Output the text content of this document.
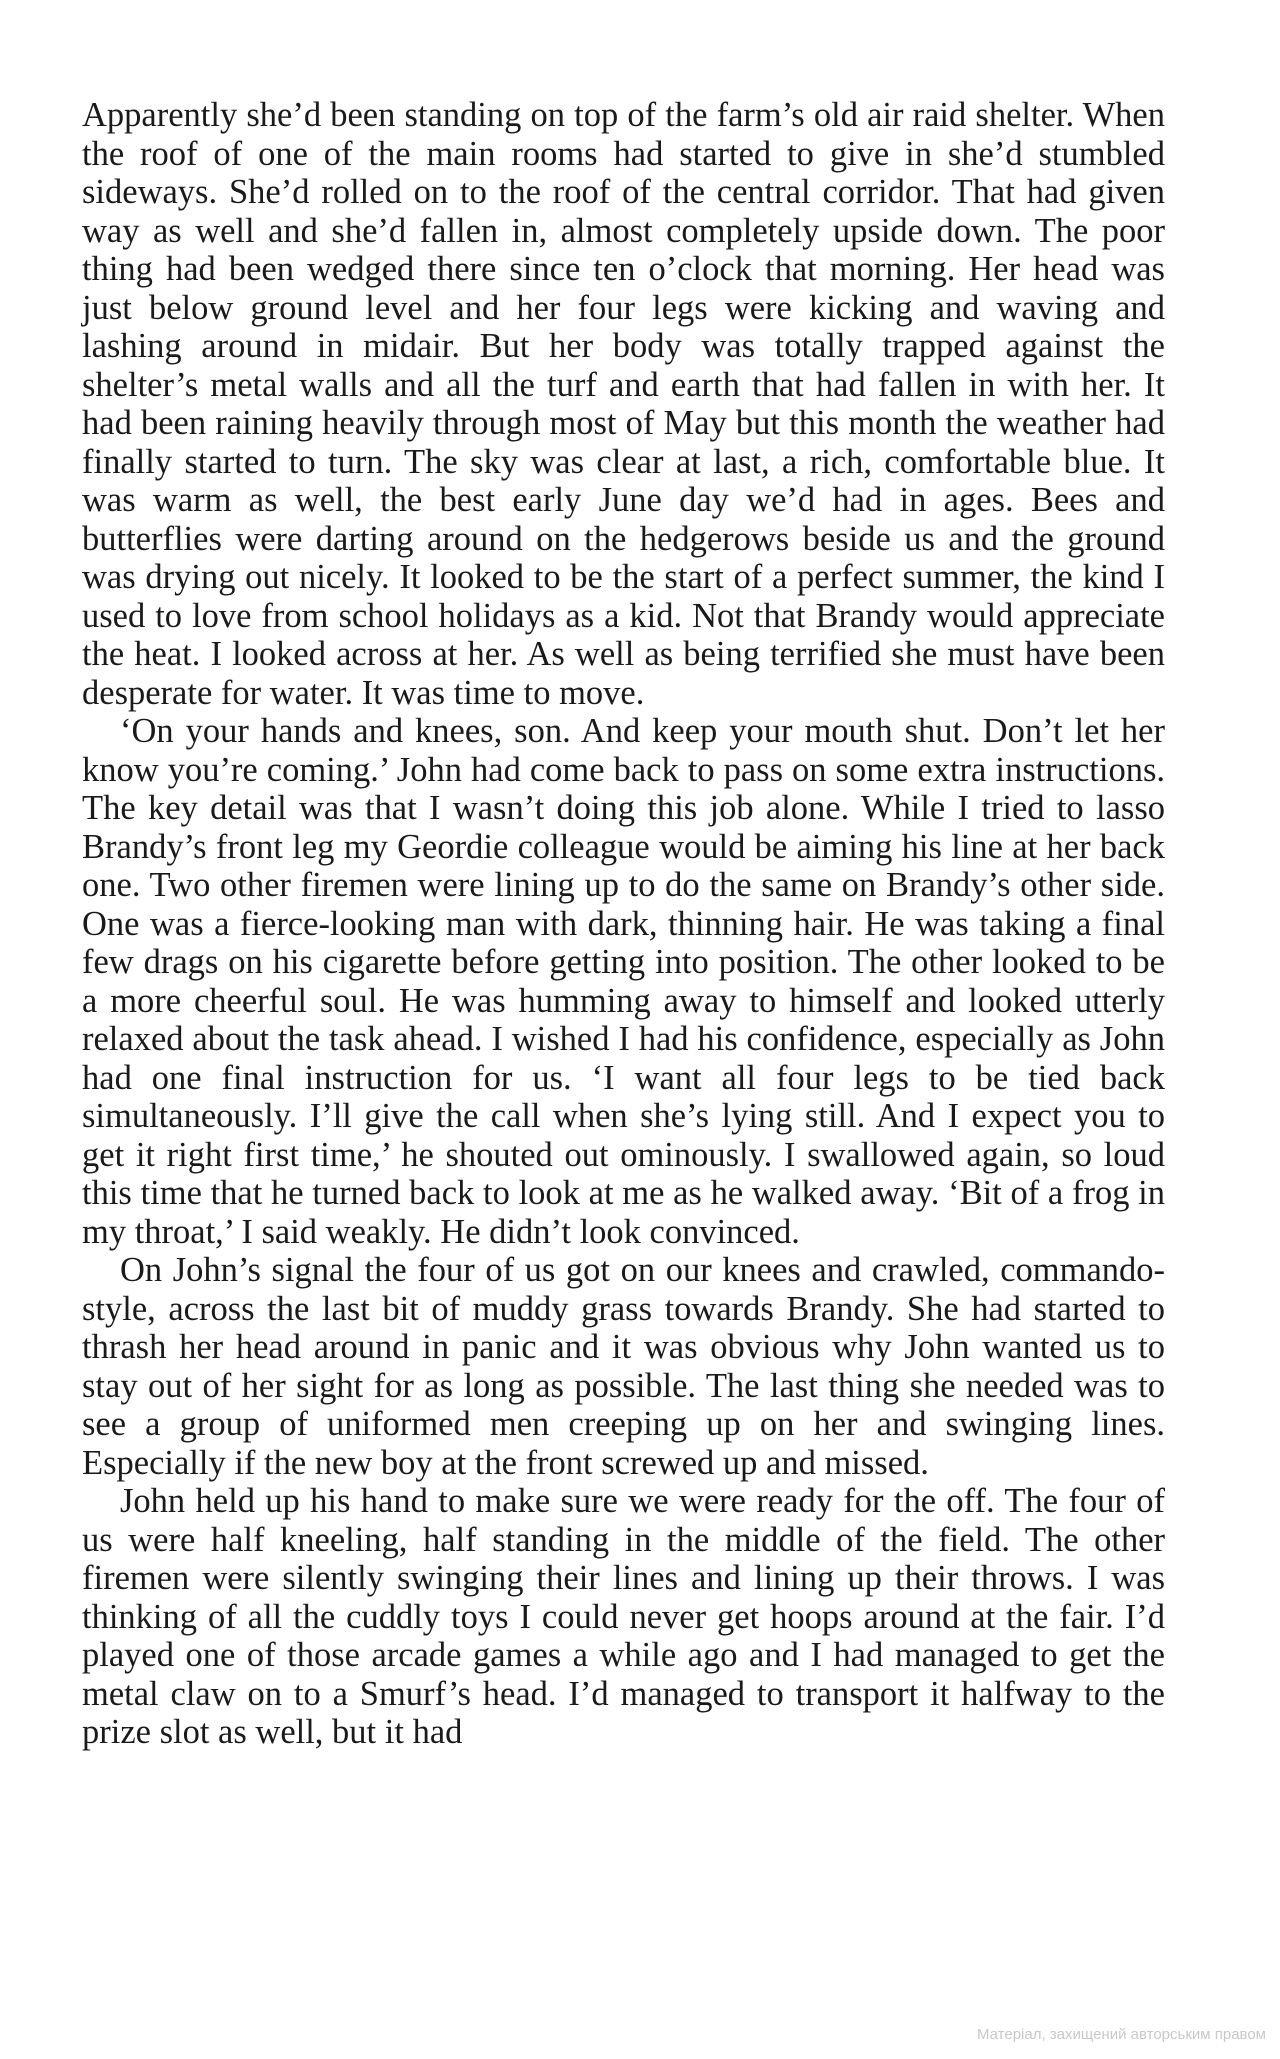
Apparently she’d been standing on top of the farm’s old air raid shelter. When the roof of one of the main rooms had started to give in she’d stumbled sideways. She’d rolled on to the roof of the central corridor. That had given way as well and she’d fallen in, almost completely upside down. The poor thing had been wedged there since ten o’clock that morning. Her head was just below ground level and her four legs were kicking and waving and lashing around in midair. But her body was totally trapped against the shelter’s metal walls and all the turf and earth that had fallen in with her. It had been raining heavily through most of May but this month the weather had finally started to turn. The sky was clear at last, a rich, comfortable blue. It was warm as well, the best early June day we’d had in ages. Bees and butterflies were darting around on the hedgerows beside us and the ground was drying out nicely. It looked to be the start of a perfect summer, the kind I used to love from school holidays as a kid. Not that Brandy would appreciate the heat. I looked across at her. As well as being terrified she must have been desperate for water. It was time to move.

‘On your hands and knees, son. And keep your mouth shut. Don’t let her know you’re coming.’ John had come back to pass on some extra instructions. The key detail was that I wasn’t doing this job alone. While I tried to lasso Brandy’s front leg my Geordie colleague would be aiming his line at her back one. Two other firemen were lining up to do the same on Brandy’s other side. One was a fierce-looking man with dark, thinning hair. He was taking a final few drags on his cigarette before getting into position. The other looked to be a more cheerful soul. He was humming away to himself and looked utterly relaxed about the task ahead. I wished I had his confidence, especially as John had one final instruction for us. ‘I want all four legs to be tied back simultaneously. I’ll give the call when she’s lying still. And I expect you to get it right first time,’ he shouted out ominously. I swallowed again, so loud this time that he turned back to look at me as he walked away. ‘Bit of a frog in my throat,’ I said weakly. He didn’t look convinced.

On John’s signal the four of us got on our knees and crawled, commando-style, across the last bit of muddy grass towards Brandy. She had started to thrash her head around in panic and it was obvious why John wanted us to stay out of her sight for as long as possible. The last thing she needed was to see a group of uniformed men creeping up on her and swinging lines. Especially if the new boy at the front screwed up and missed.

John held up his hand to make sure we were ready for the off. The four of us were half kneeling, half standing in the middle of the field. The other firemen were silently swinging their lines and lining up their throws. I was thinking of all the cuddly toys I could never get hoops around at the fair. I’d played one of those arcade games a while ago and I had managed to get the metal claw on to a Smurf’s head. I’d managed to transport it halfway to the prize slot as well, but it had

Матеріал, захищений авторським правом
